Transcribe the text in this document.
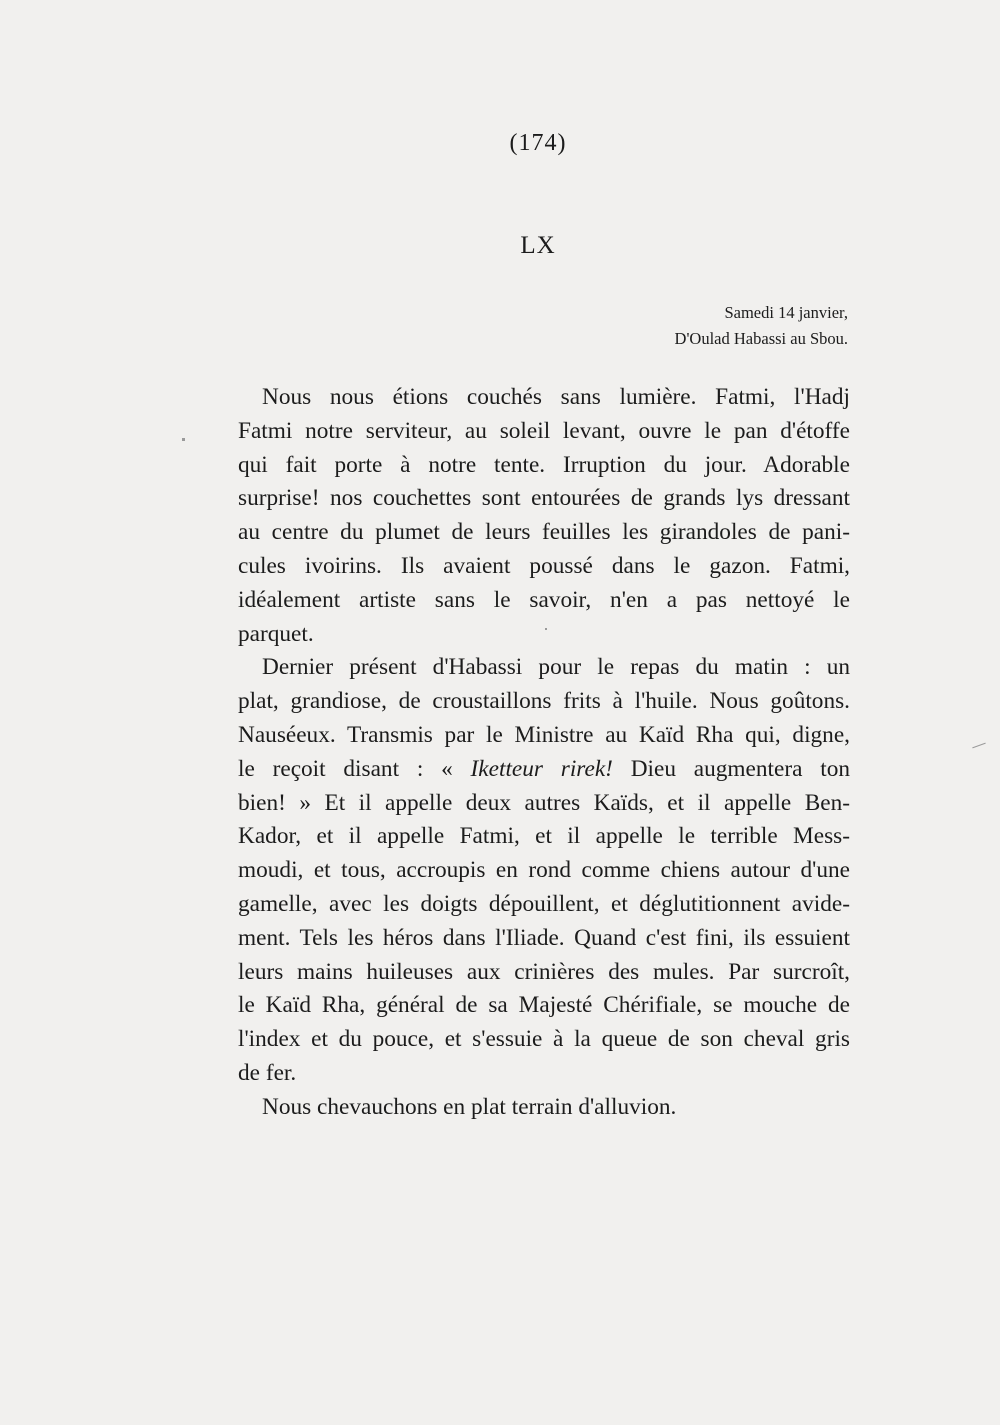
(174)
LX
Samedi 14 janvier,
D'Oulad Habassi au Sbou.
Nous nous étions couchés sans lumière. Fatmi, l'Hadj
Fatmi notre serviteur, au soleil levant, ouvre le pan d'étoffe
qui fait porte à notre tente. Irruption du jour. Adorable
surprise! nos couchettes sont entourées de grands lys dressant
au centre du plumet de leurs feuilles les girandoles de pani-
cules ivoirins. Ils avaient poussé dans le gazon. Fatmi,
idéalement artiste sans le savoir, n'en a pas nettoyé le
parquet.
Dernier présent d'Habassi pour le repas du matin : un
plat, grandiose, de croustaillons frits à l'huile. Nous goûtons.
Nauséeux. Transmis par le Ministre au Kaïd Rha qui, digne,
le reçoit disant : « Iketteur rirek! Dieu augmentera ton
bien! » Et il appelle deux autres Kaïds, et il appelle Ben-
Kador, et il appelle Fatmi, et il appelle le terrible Mess-
moudi, et tous, accroupis en rond comme chiens autour d'une
gamelle, avec les doigts dépouillent, et déglutitionnent avide-
ment. Tels les héros dans l'Iliade. Quand c'est fini, ils essuient
leurs mains huileuses aux crinières des mules. Par surcroît,
le Kaïd Rha, général de sa Majesté Chérifiale, se mouche de
l'index et du pouce, et s'essuie à la queue de son cheval gris
de fer.
Nous chevauchons en plat terrain d'alluvion.
